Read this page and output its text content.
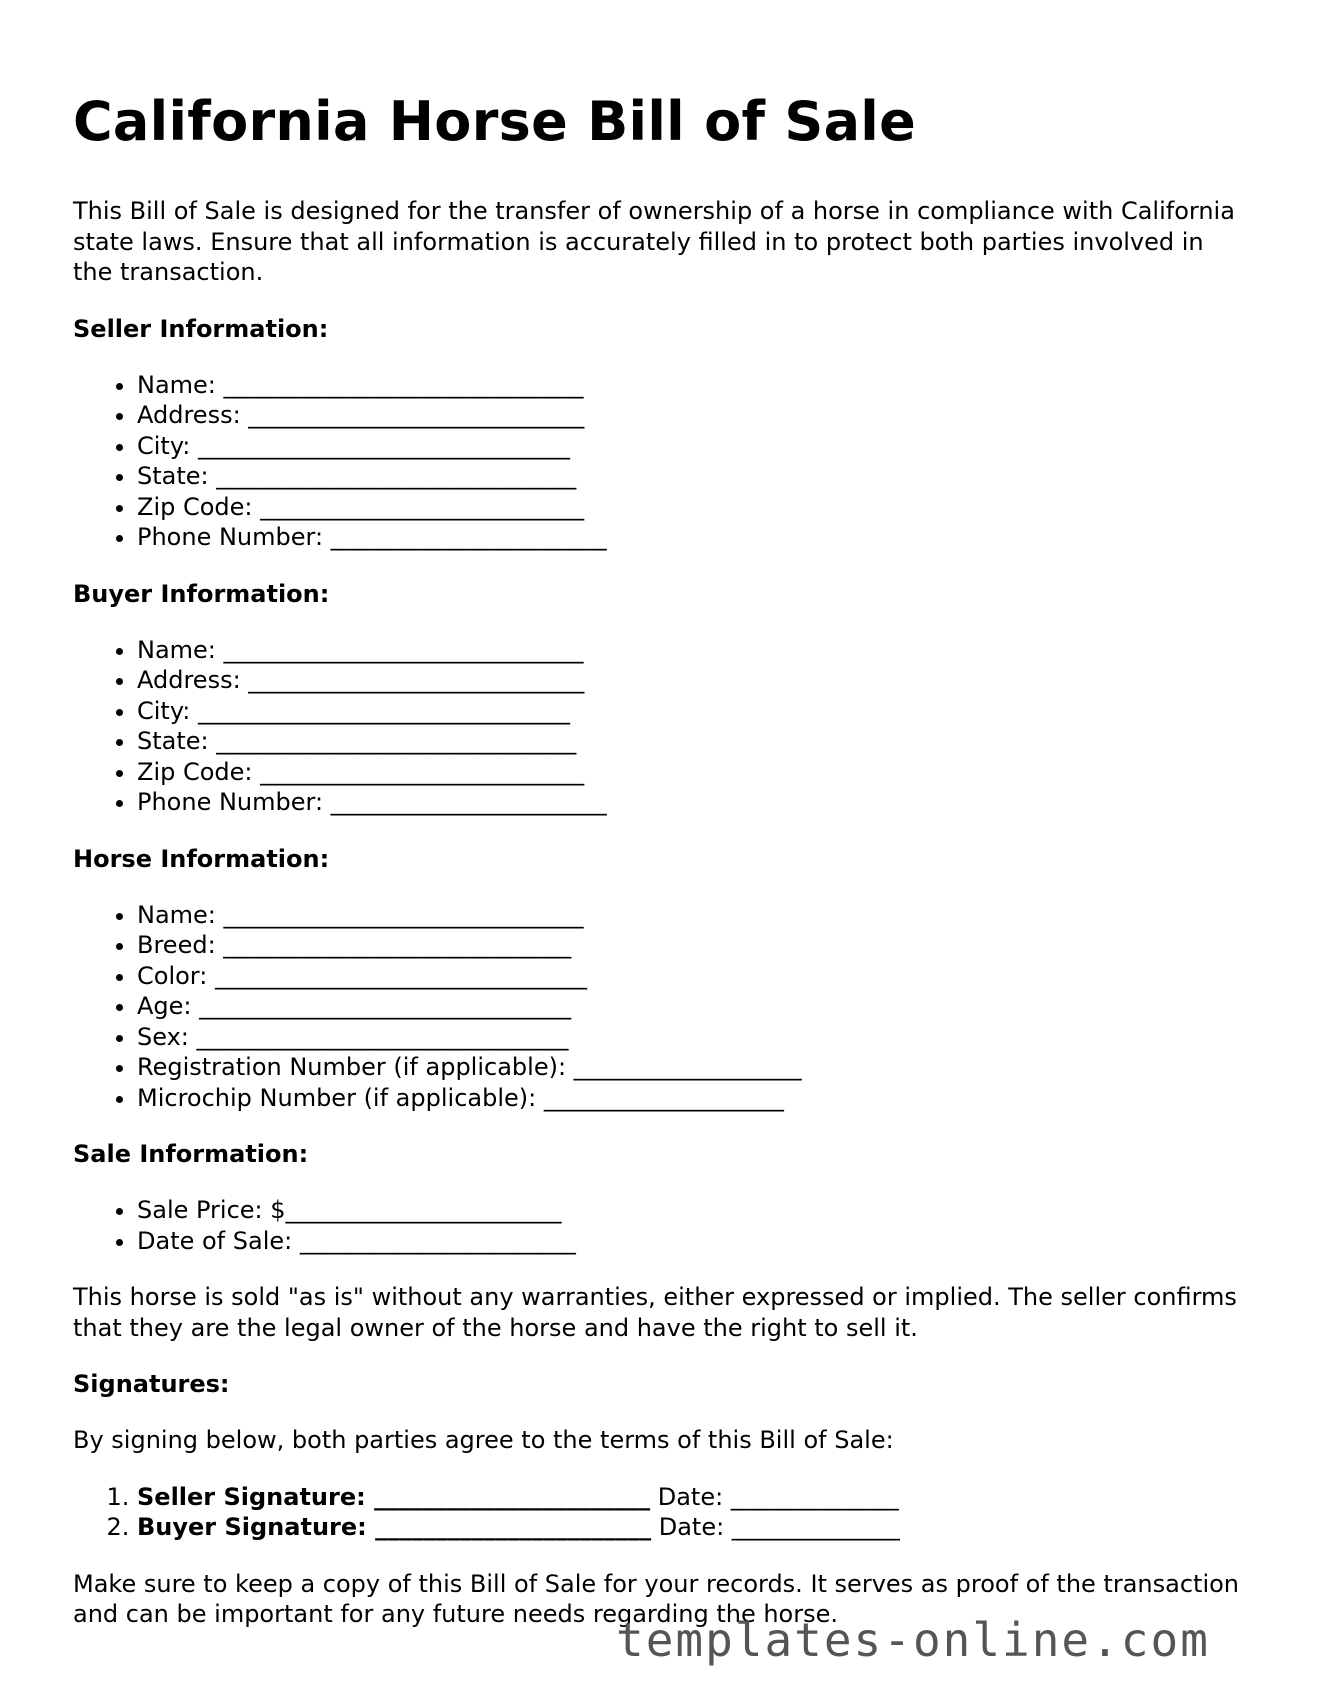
California Horse Bill of Sale

This Bill of Sale is designed for the transfer of ownership of a horse in compliance with California state laws. Ensure that all information is accurately filled in to protect both parties involved in the transaction.

Seller Information:
• Name: ______________________________
• Address: ____________________________
• City: _______________________________
• State: ______________________________
• Zip Code: ___________________________
• Phone Number: _______________________
Buyer Information:
• Name: ______________________________
• Address: ____________________________
• City: _______________________________
• State: ______________________________
• Zip Code: ___________________________
• Phone Number: _______________________
Horse Information:
• Name: ______________________________
• Breed: _____________________________
• Color: _______________________________
• Age: _______________________________
• Sex: _______________________________
• Registration Number (if applicable): ___________________
• Microchip Number (if applicable): ____________________
Sale Information:
• Sale Price: $_______________________
• Date of Sale: _______________________

This horse is sold "as is" without any warranties, either expressed or implied. The seller confirms that they are the legal owner of the horse and have the right to sell it.

Signatures:

By signing below, both parties agree to the terms of this Bill of Sale:

1. Seller Signature: _______________________ Date: ______________
2. Buyer Signature: _______________________ Date: ______________

Make sure to keep a copy of this Bill of Sale for your records. It serves as proof of the transaction and can be important for any future needs regarding the horse.

templates-online.com
